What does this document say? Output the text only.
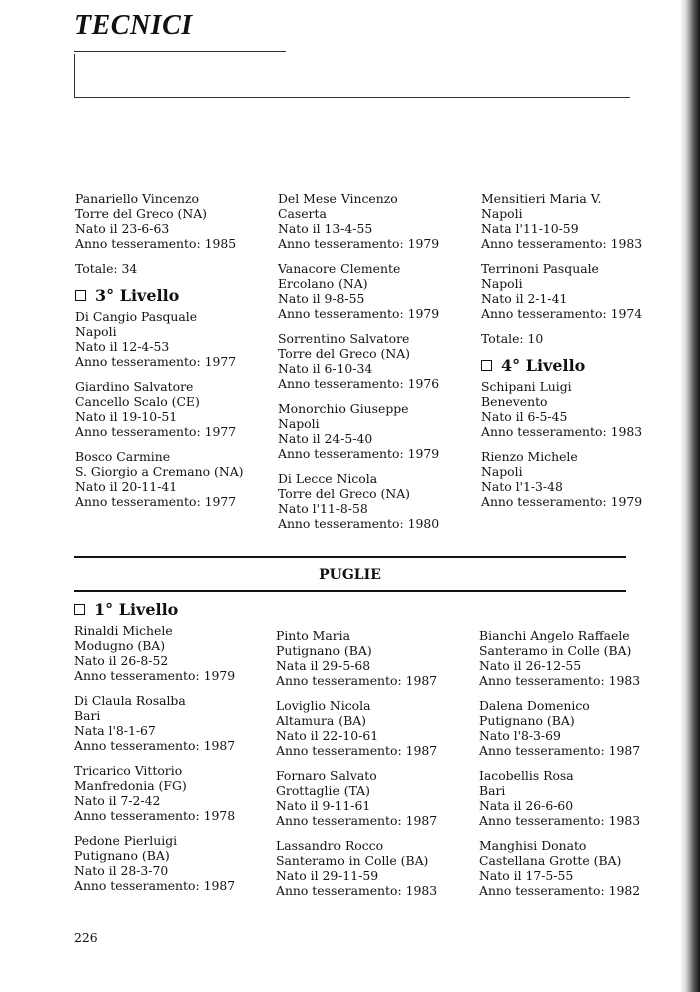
TECNICI
Panariello Vincenzo
Torre del Greco (NA)
Nato il 23-6-63
Anno tesseramento: 1985
Totale: 34
3° Livello
Di Cangio Pasquale
Napoli
Nato il 12-4-53
Anno tesseramento: 1977
Giardino Salvatore
Cancello Scalo (CE)
Nato il 19-10-51
Anno tesseramento: 1977
Bosco Carmine
S. Giorgio a Cremano (NA)
Nato il 20-11-41
Anno tesseramento: 1977
Del Mese Vincenzo
Caserta
Nato il 13-4-55
Anno tesseramento: 1979
Vanacore Clemente
Ercolano (NA)
Nato il 9-8-55
Anno tesseramento: 1979
Sorrentino Salvatore
Torre del Greco (NA)
Nato il 6-10-34
Anno tesseramento: 1976
Monorchio Giuseppe
Napoli
Nato il 24-5-40
Anno tesseramento: 1979
Di Lecce Nicola
Torre del Greco (NA)
Nato l'11-8-58
Anno tesseramento: 1980
Mensitieri Maria V.
Napoli
Nata l'11-10-59
Anno tesseramento: 1983
Terrinoni Pasquale
Napoli
Nato il 2-1-41
Anno tesseramento: 1974
Totale: 10
4° Livello
Schipani Luigi
Benevento
Nato il 6-5-45
Anno tesseramento: 1983
Rienzo Michele
Napoli
Nato l'1-3-48
Anno tesseramento: 1979
PUGLIE
1° Livello
Rinaldi Michele
Modugno (BA)
Nato il 26-8-52
Anno tesseramento: 1979
Di Claula Rosalba
Bari
Nata l'8-1-67
Anno tesseramento: 1987
Tricarico Vittorio
Manfredonia (FG)
Nato il 7-2-42
Anno tesseramento: 1978
Pedone Pierluigi
Putignano (BA)
Nato il 28-3-70
Anno tesseramento: 1987
Pinto Maria
Putignano (BA)
Nata il 29-5-68
Anno tesseramento: 1987
Loviglio Nicola
Altamura (BA)
Nato il 22-10-61
Anno tesseramento: 1987
Fornaro Salvato
Grottaglie (TA)
Nato il 9-11-61
Anno tesseramento: 1987
Lassandro Rocco
Santeramo in Colle (BA)
Nato il 29-11-59
Anno tesseramento: 1983
Bianchi Angelo Raffaele
Santeramo in Colle (BA)
Nato il 26-12-55
Anno tesseramento: 1983
Dalena Domenico
Putignano (BA)
Nato l'8-3-69
Anno tesseramento: 1987
Iacobellis Rosa
Bari
Nata il 26-6-60
Anno tesseramento: 1983
Manghisi Donato
Castellana Grotte (BA)
Nato il 17-5-55
Anno tesseramento: 1982
226
